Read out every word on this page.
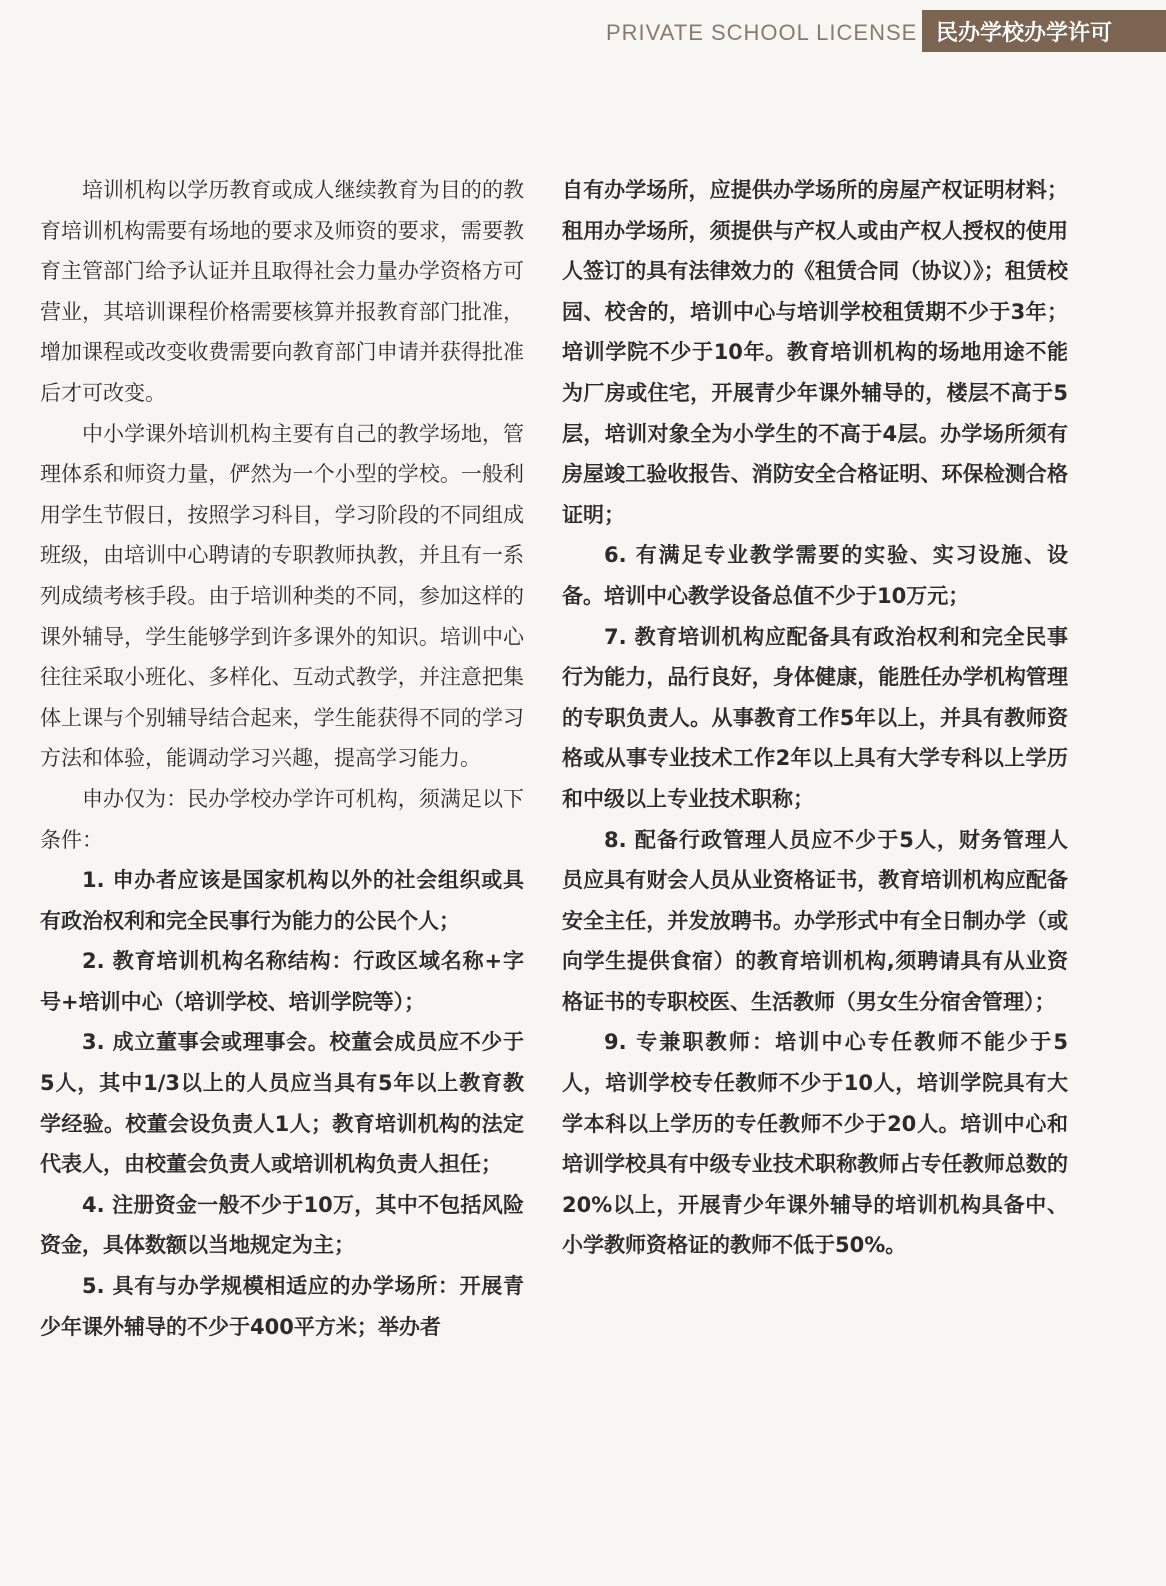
PRIVATE SCHOOL LICENSE 民办学校办学许可

培训机构以学历教育或成人继续教育为目的的教育培训机构需要有场地的要求及师资的要求，需要教育主管部门给予认证并且取得社会力量办学资格方可营业，其培训课程价格需要核算并报教育部门批准，增加课程或改变收费需要向教育部门申请并获得批准后才可改变。

中小学课外培训机构主要有自己的教学场地，管理体系和师资力量，俨然为一个小型的学校。一般利用学生节假日，按照学习科目，学习阶段的不同组成班级，由培训中心聘请的专职教师执教，并且有一系列成绩考核手段。由于培训种类的不同，参加这样的课外辅导，学生能够学到许多课外的知识。培训中心往往采取小班化、多样化、互动式教学，并注意把集体上课与个别辅导结合起来，学生能获得不同的学习方法和体验，能调动学习兴趣，提高学习能力。

申办仅为：民办学校办学许可机构，须满足以下条件：

1. 申办者应该是国家机构以外的社会组织或具有政治权利和完全民事行为能力的公民个人；

2. 教育培训机构名称结构：行政区域名称+字号+培训中心（培训学校、培训学院等）；

3. 成立董事会或理事会。校董会成员应不少于5人，其中1/3以上的人员应当具有5年以上教育教学经验。校董会设负责人1人；教育培训机构的法定代表人，由校董会负责人或培训机构负责人担任；

4. 注册资金一般不少于10万，其中不包括风险资金，具体数额以当地规定为主；

5. 具有与办学规模相适应的办学场所：开展青少年课外辅导的不少于400平方米；举办者

自有办学场所，应提供办学场所的房屋产权证明材料；租用办学场所，须提供与产权人或由产权人授权的使用人签订的具有法律效力的《租赁合同（协议）》；租赁校园、校舍的，培训中心与培训学校租赁期不少于3年；培训学院不少于10年。教育培训机构的场地用途不能为厂房或住宅，开展青少年课外辅导的，楼层不高于5层，培训对象全为小学生的不高于4层。办学场所须有房屋竣工验收报告、消防安全合格证明、环保检测合格证明；

6. 有满足专业教学需要的实验、实习设施、设备。培训中心教学设备总值不少于10万元；

7. 教育培训机构应配备具有政治权利和完全民事行为能力，品行良好，身体健康，能胜任办学机构管理的专职负责人。从事教育工作5年以上，并具有教师资格或从事专业技术工作2年以上具有大学专科以上学历和中级以上专业技术职称；

8. 配备行政管理人员应不少于5人，财务管理人员应具有财会人员从业资格证书，教育培训机构应配备安全主任，并发放聘书。办学形式中有全日制办学（或向学生提供食宿）的教育培训机构,须聘请具有从业资格证书的专职校医、生活教师（男女生分宿舍管理）；

9. 专兼职教师：培训中心专任教师不能少于5人，培训学校专任教师不少于10人，培训学院具有大学本科以上学历的专任教师不少于20人。培训中心和培训学校具有中级专业技术职称教师占专任教师总数的20%以上，开展青少年课外辅导的培训机构具备中、小学教师资格证的教师不低于50%。
